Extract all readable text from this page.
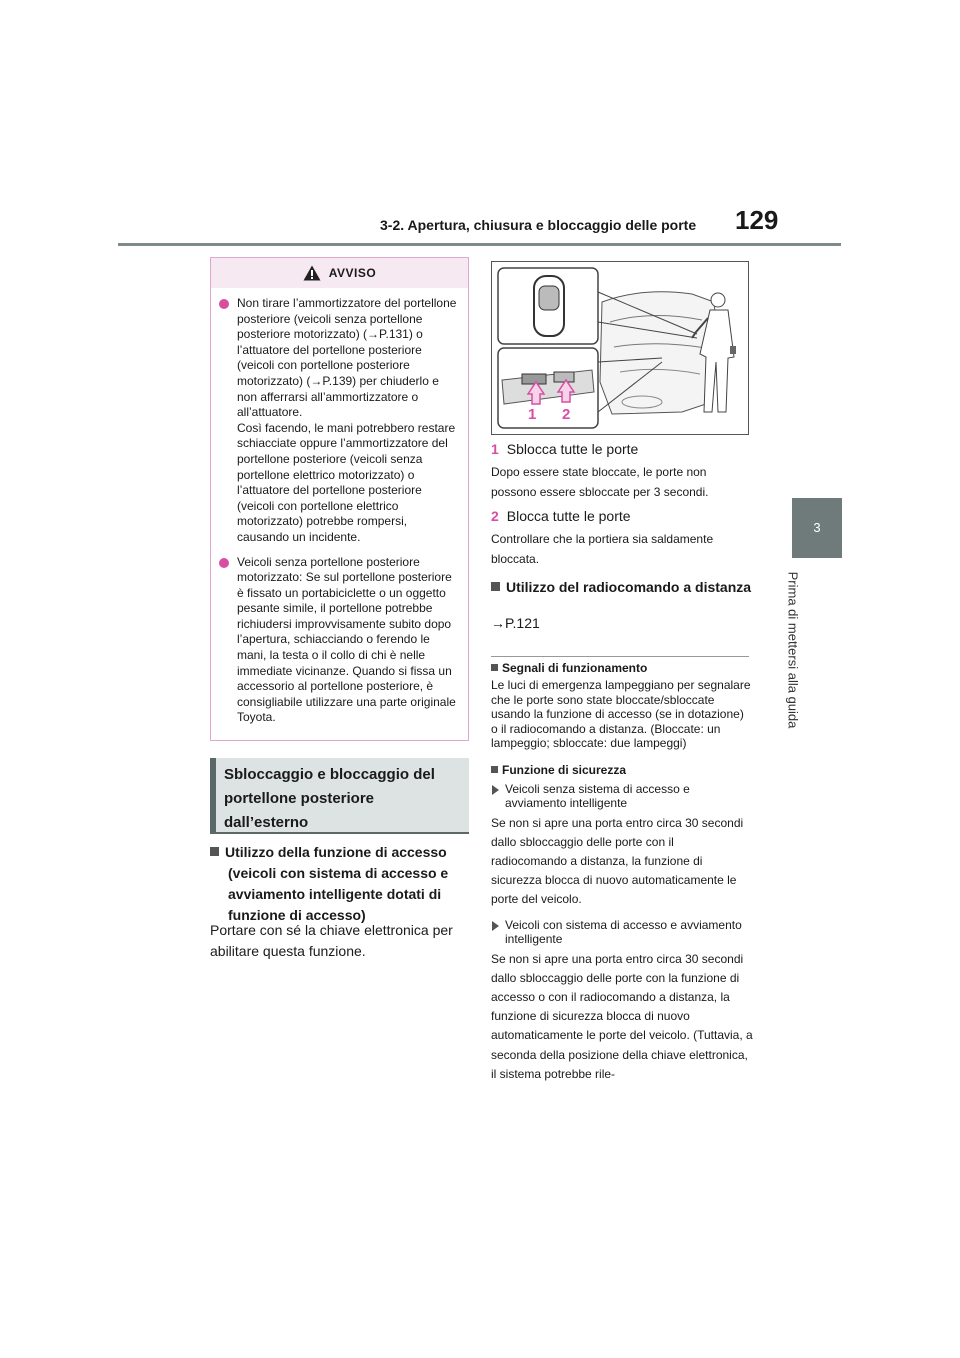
3-2. Apertura, chiusura e bloccaggio delle porte 129
3
Prima di mettersi alla guida
AVVISO
Non tirare l’ammortizzatore del portellone posteriore (veicoli senza portellone posteriore motorizzato) (→P.131) o l’attuatore del portellone posteriore (veicoli con portellone posteriore motorizzato) (→P.139) per chiuderlo e non afferrarsi all’ammortizzatore o all’attuatore.
Così facendo, le mani potrebbero restare schiacciate oppure l’ammortizzatore del portellone posteriore (veicoli senza portellone elettrico motorizzato) o l’attuatore del portellone posteriore (veicoli con portellone elettrico motorizzato) potrebbe rompersi, causando un incidente.
Veicoli senza portellone posteriore motorizzato: Se sul portellone posteriore è fissato un portabiciclette o un oggetto pesante simile, il portellone potrebbe richiudersi improvvisamente subito dopo l’apertura, schiacciando o ferendo le mani, la testa o il collo di chi è nelle immediate vicinanze. Quando si fissa un accessorio al portellone posteriore, è consigliabile utilizzare una parte originale Toyota.
Sbloccaggio e bloccaggio del portellone posteriore dall’esterno
Utilizzo della funzione di accesso (veicoli con sistema di accesso e avviamento intelligente dotati di funzione di accesso)
Portare con sé la chiave elettronica per abilitare questa funzione.
1 2
1 Sblocca tutte le porte
Dopo essere state bloccate, le porte non possono essere sbloccate per 3 secondi.
2 Blocca tutte le porte
Controllare che la portiera sia saldamente bloccata.
Utilizzo del radiocomando a distanza
→P.121
Segnali di funzionamento
Le luci di emergenza lampeggiano per segnalare che le porte sono state bloccate/sbloccate usando la funzione di accesso (se in dotazione) o il radiocomando a distanza. (Bloccate: un lampeggio; sbloccate: due lampeggi)
Funzione di sicurezza
Veicoli senza sistema di accesso e avviamento intelligente
Se non si apre una porta entro circa 30 secondi dallo sbloccaggio delle porte con il radiocomando a distanza, la funzione di sicurezza blocca di nuovo automaticamente le porte del veicolo.
Veicoli con sistema di accesso e avviamento intelligente
Se non si apre una porta entro circa 30 secondi dallo sbloccaggio delle porte con la funzione di accesso o con il radiocomando a distanza, la funzione di sicurezza blocca di nuovo automaticamente le porte del veicolo. (Tuttavia, a seconda della posizione della chiave elettronica, il sistema potrebbe rile-
